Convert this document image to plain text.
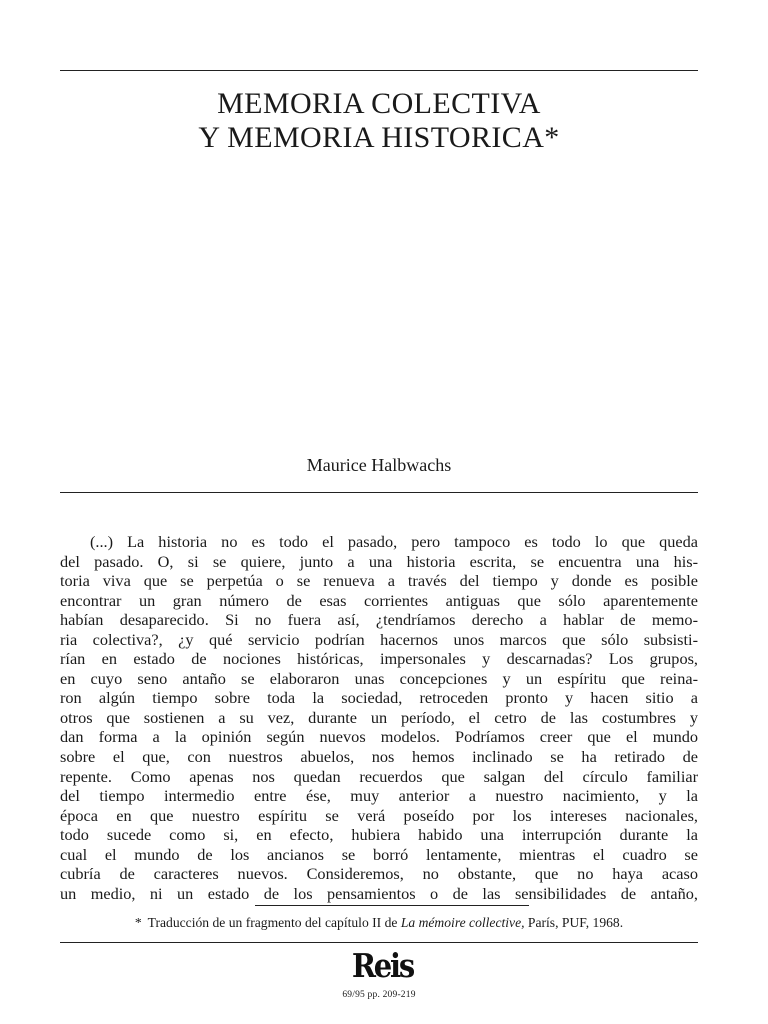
MEMORIA COLECTIVA
Y MEMORIA HISTORICA*
Maurice Halbwachs
(...) La historia no es todo el pasado, pero tampoco es todo lo que queda
del pasado. O, si se quiere, junto a una historia escrita, se encuentra una his-
toria viva que se perpetúa o se renueva a través del tiempo y donde es posible
encontrar un gran número de esas corrientes antiguas que sólo aparentemente
habían desaparecido. Si no fuera así, ¿tendríamos derecho a hablar de memo-
ria colectiva?, ¿y qué servicio podrían hacernos unos marcos que sólo subsisti-
rían en estado de nociones históricas, impersonales y descarnadas? Los grupos,
en cuyo seno antaño se elaboraron unas concepciones y un espíritu que reina-
ron algún tiempo sobre toda la sociedad, retroceden pronto y hacen sitio a
otros que sostienen a su vez, durante un período, el cetro de las costumbres y
dan forma a la opinión según nuevos modelos. Podríamos creer que el mundo
sobre el que, con nuestros abuelos, nos hemos inclinado se ha retirado de
repente. Como apenas nos quedan recuerdos que salgan del círculo familiar
del tiempo intermedio entre ése, muy anterior a nuestro nacimiento, y la
época en que nuestro espíritu se verá poseído por los intereses nacionales,
todo sucede como si, en efecto, hubiera habido una interrupción durante la
cual el mundo de los ancianos se borró lentamente, mientras el cuadro se
cubría de caracteres nuevos. Consideremos, no obstante, que no haya acaso
un medio, ni un estado de los pensamientos o de las sensibilidades de antaño,
* Traducción de un fragmento del capítulo II de La mémoire collective, París, PUF, 1968.
Reis
69/95 pp. 209-219
